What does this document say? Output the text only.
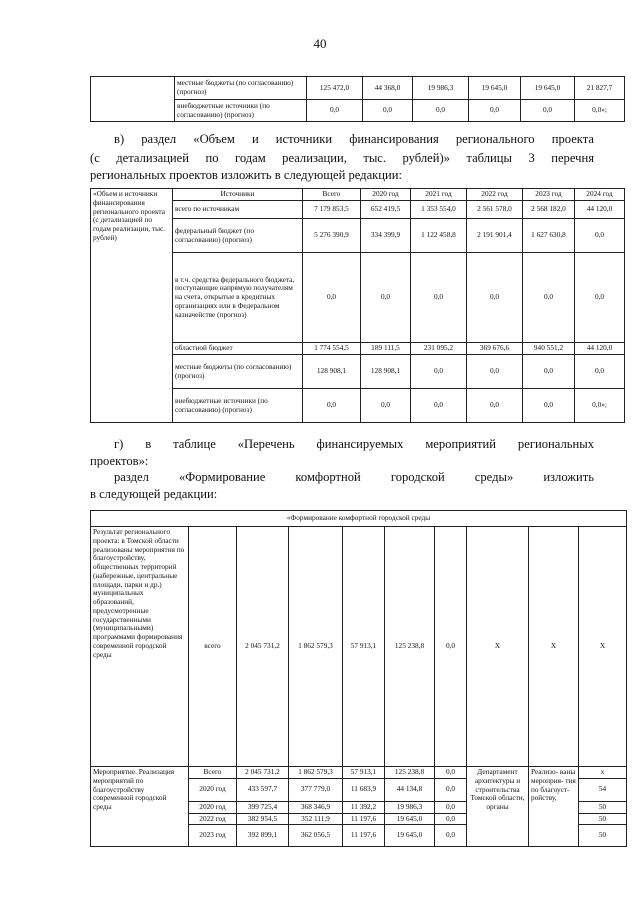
40
	местные бюджеты (по согласованию) (прогноз)	125 472,0	44 368,0	19 986,3	19 645,0	19 645,0	21 827,7
	внебюджетные источники (по согласованию) (прогноз)	0,0	0,0	0,0	0,0	0,0	0,0»;
в) раздел «Объем и источники финансирования регионального проекта
(с детализацией по годам реализации, тыс. рублей)» таблицы 3 перечня
региональных проектов изложить в следующей редакции:
«Объем и источники финансирования регионального проекта (с детализацией по годам реализации, тыс. рублей)	Источники	Всего	2020 год	2021 год	2022 год	2023 год	2024 год
	всего по источникам	7 179 853,5	652 419,5	1 353 554,0	2 561 578,0	2 568 182,0	44 120,0
	федеральный бюджет (по согласованию) (прогноз)	5 276 390,9	334 399,9	1 122 458,8	2 191 901,4	1 627 630,8	0,0
	в т.ч. средства федерального бюджета, поступающие напрямую получателям на счета, открытые в кредитных организациях или в Федеральном казначействе (прогноз)	0,0	0,0	0,0	0,0	0,0	0,0
	областной бюджет	1 774 554,5	189 111,5	231 095,2	369 676,6	940 551,2	44 120,0
	местные бюджеты (по согласованию) (прогноз)	128 908,1	128 908,1	0,0	0,0	0,0	0,0
	внебюджетные источники (по согласованию) (прогноз)	0,0	0,0	0,0	0,0	0,0	0,0»;
г) в таблице «Перечень финансируемых мероприятий региональных
проектов»:
раздел «Формирование комфортной городской среды» изложить
в следующей редакции:
«Формирование комфортной городской среды									
Результат регионального проекта: в Томской области реализованы мероприятия по благоустройству, общественных территорий (набережные, центральные площади, парки и др.) муниципальных образований, предусмотренные государственными (муниципальными) программами формирования современной городской среды	всего	2 045 731,2	1 862 579,3	57 913,1	125 238,8	0,0	Х	Х	Х
Мероприятие. Реализация мероприятий по благоустройству современной городской среды	Всего	2 045 731,2	1 862 579,3	57 913,1	125 238,8	0,0	Департамент архитектуры и строительства Томской области, органы	Реализо- ваны мероприя- тия по благоуст- ройству,	х
	2020 год	433 597,7	377 779,0	11 683,9	44 134,8	0,0			54
	2020 год	399 725,4	368 346,9	11 392,2	19 986,3	0,0			50
	2022 год	382 954,5	352 111,9	11 197,6	19 645,0	0,0			50
	2023 год	392 899,1	362 056,5	11 197,6	19 645,0	0,0			50
